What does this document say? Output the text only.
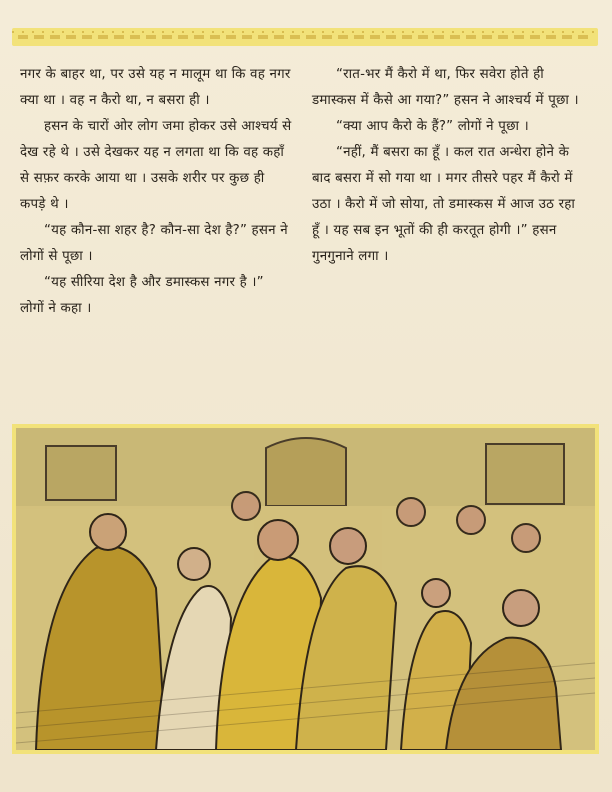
नगर के बाहर था, पर उसे यह न मालूम था कि वह नगर क्या था । वह न कैरो था, न बसरा ही ।

हसन के चारों ओर लोग जमा होकर उसे आश्चर्य से देख रहे थे । उसे देखकर यह न लगता था कि वह कहाँ से सफ़र करके आया था । उसके शरीर पर कुछ ही कपड़े थे ।

“यह कौन-सा शहर है? कौन-सा देश है?” हसन ने लोगों से पूछा ।

“यह सीरिया देश है और डमास्कस नगर है ।” लोगों ने कहा ।

“रात-भर मैं कैरो में था, फिर सवेरा होते ही डमास्कस में कैसे आ गया?” हसन ने आश्चर्य में पूछा ।

“क्या आप कैरो के हैं?” लोगों ने पूछा ।

“नहीं, मैं बसरा का हूँ । कल रात अन्धेरा होने के बाद बसरा में सो गया था । मगर तीसरे पहर मैं कैरो में उठा । कैरो में जो सोया, तो डमास्कस में आज उठ रहा हूँ । यह सब इन भूतों की ही करतूत होगी ।” हसन गुनगुनाने लगा ।
